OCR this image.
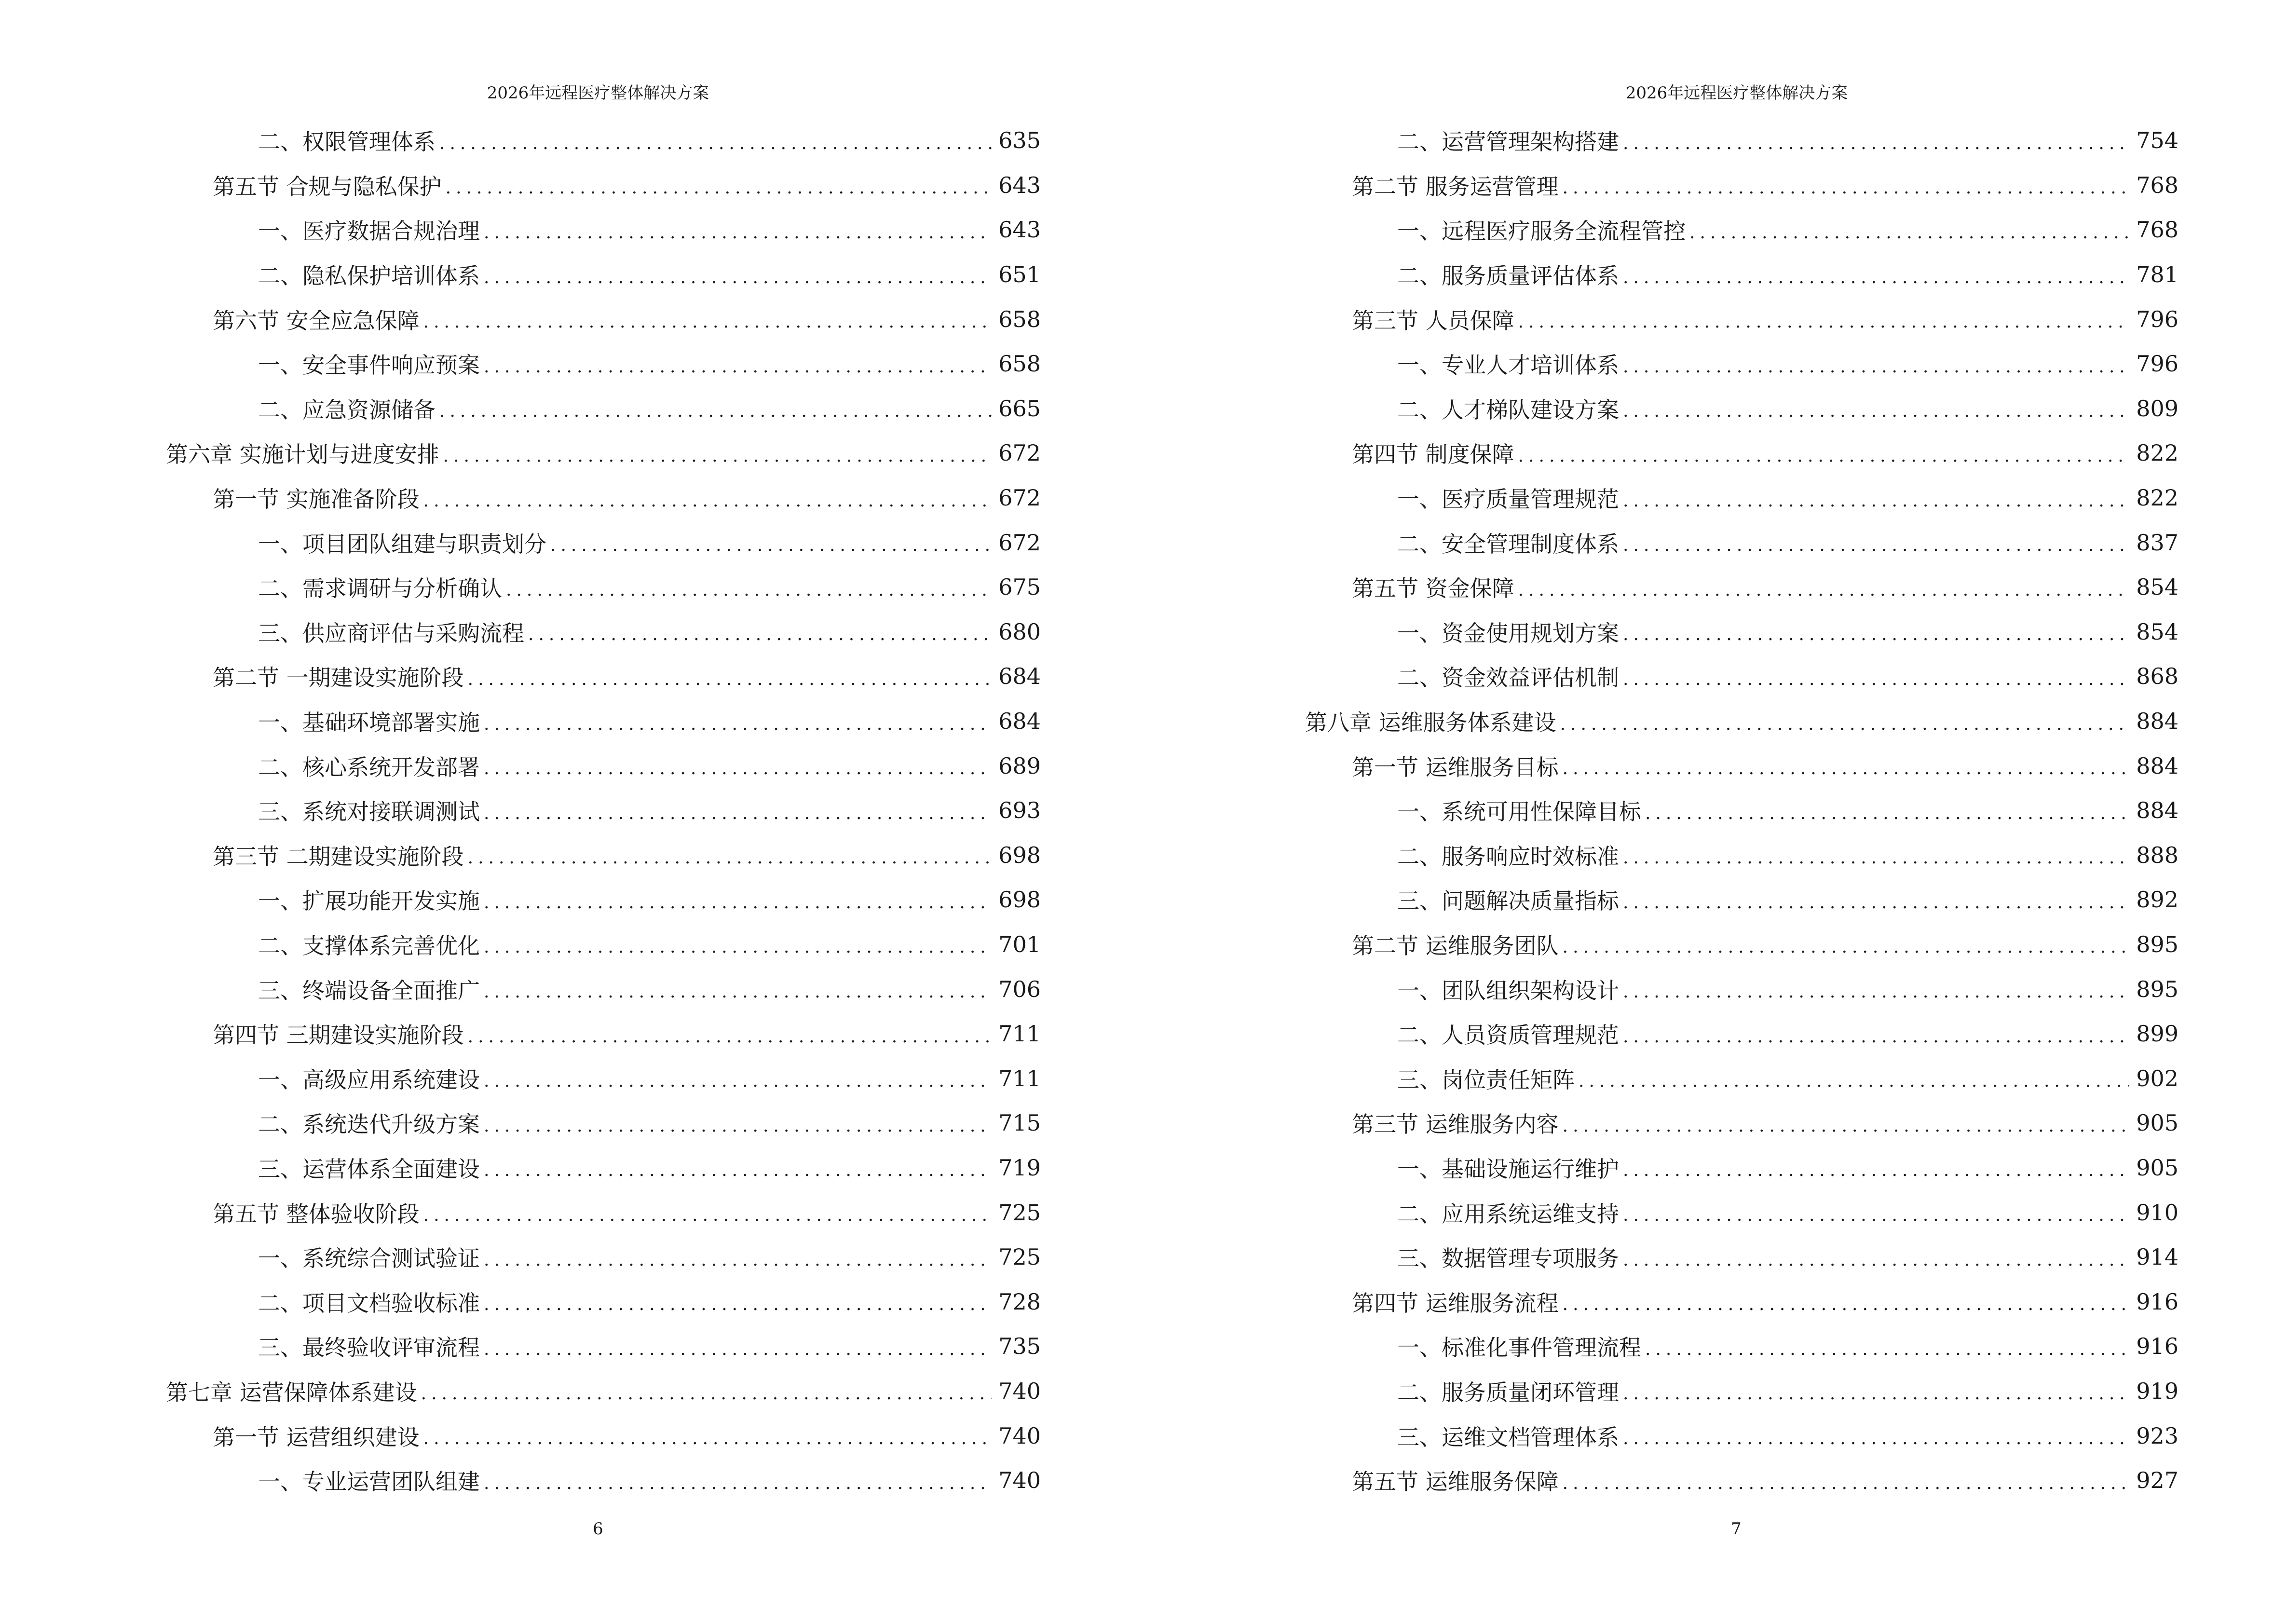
2026年远程医疗整体解决方案
二、权限管理体系 .....	635
第五节 合规与隐私保护 .....	643
一、医疗数据合规治理 .....	643
二、隐私保护培训体系 .....	651
第六节 安全应急保障 .....	658
一、安全事件响应预案 .....	658
二、应急资源储备 .....	665
第六章 实施计划与进度安排 .....	672
第一节 实施准备阶段 .....	672
一、项目团队组建与职责划分 .....	672
二、需求调研与分析确认 .....	675
三、供应商评估与采购流程 .....	680
第二节 一期建设实施阶段 .....	684
一、基础环境部署实施 .....	684
二、核心系统开发部署 .....	689
三、系统对接联调测试 .....	693
第三节 二期建设实施阶段 .....	698
一、扩展功能开发实施 .....	698
二、支撑体系完善优化 .....	701
三、终端设备全面推广 .....	706
第四节 三期建设实施阶段 .....	711
一、高级应用系统建设 .....	711
二、系统迭代升级方案 .....	715
三、运营体系全面建设 .....	719
第五节 整体验收阶段 .....	725
一、系统综合测试验证 .....	725
二、项目文档验收标准 .....	728
三、最终验收评审流程 .....	735
第七章 运营保障体系建设 .....	740
第一节 运营组织建设 .....	740
一、专业运营团队组建 .....	740
6
2026年远程医疗整体解决方案
二、运营管理架构搭建 .....	754
第二节 服务运营管理 .....	768
一、远程医疗服务全流程管控 .....	768
二、服务质量评估体系 .....	781
第三节 人员保障 .....	796
一、专业人才培训体系 .....	796
二、人才梯队建设方案 .....	809
第四节 制度保障 .....	822
一、医疗质量管理规范 .....	822
二、安全管理制度体系 .....	837
第五节 资金保障 .....	854
一、资金使用规划方案 .....	854
二、资金效益评估机制 .....	868
第八章 运维服务体系建设 .....	884
第一节 运维服务目标 .....	884
一、系统可用性保障目标 .....	884
二、服务响应时效标准 .....	888
三、问题解决质量指标 .....	892
第二节 运维服务团队 .....	895
一、团队组织架构设计 .....	895
二、人员资质管理规范 .....	899
三、岗位责任矩阵 .....	902
第三节 运维服务内容 .....	905
一、基础设施运行维护 .....	905
二、应用系统运维支持 .....	910
三、数据管理专项服务 .....	914
第四节 运维服务流程 .....	916
一、标准化事件管理流程 .....	916
二、服务质量闭环管理 .....	919
三、运维文档管理体系 .....	923
第五节 运维服务保障 .....	927
7
